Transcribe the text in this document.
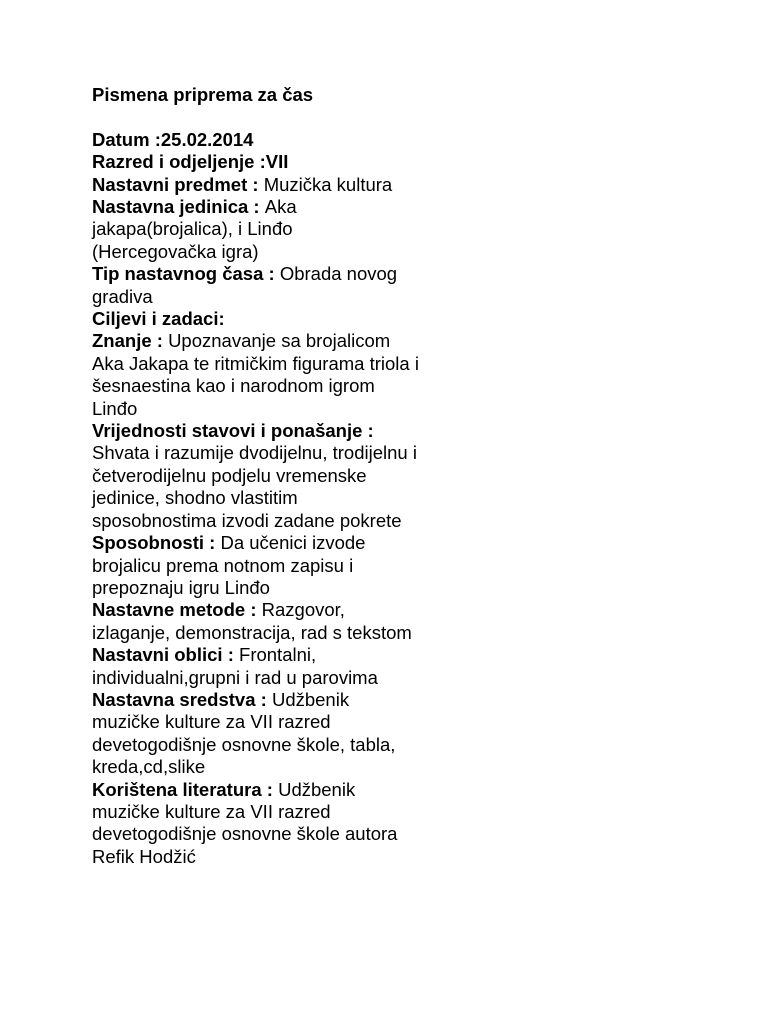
Pismena priprema za čas

Datum :25.02.2014

Razred i odjeljenje :VII

Nastavni predmet : Muzička kultura

Nastavna jedinica : Aka jakapa(brojalica), i Linđo (Hercegovačka igra)

Tip nastavnog časa : Obrada novog gradiva

Ciljevi i zadaci:

Znanje : Upoznavanje sa brojalicom Aka Jakapa te ritmičkim figurama triola i šesnaestina kao i narodnom igrom Linđo

Vrijednosti stavovi i ponašanje : Shvata i razumije dvodijelnu, trodijelnu i četverodijelnu podjelu vremenske jedinice, shodno vlastitim sposobnostima izvodi zadane pokrete

Sposobnosti : Da učenici izvode brojalicu prema notnom zapisu i prepoznaju igru Linđo

Nastavne metode : Razgovor, izlaganje, demonstracija, rad s tekstom

Nastavni oblici : Frontalni, individualni,grupni i rad u parovima

Nastavna sredstva : Udžbenik muzičke kulture za VII razred devetogodišnje osnovne škole, tabla, kreda,cd,slike

Korištena literatura : Udžbenik muzičke kulture za VII razred devetogodišnje osnovne škole autora Refik Hodžić
